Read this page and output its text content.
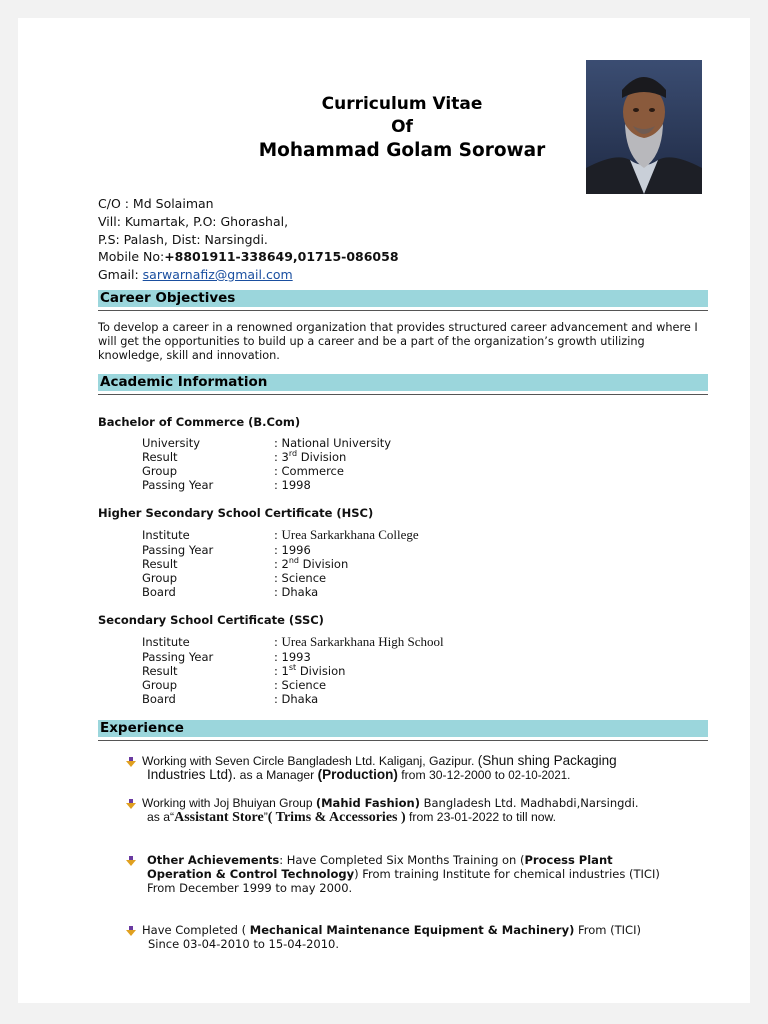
Curriculum Vitae
Of
Mohammad Golam Sorowar
C/O : Md Solaiman
Vill: Kumartak, P.O: Ghorashal,
P.S: Palash, Dist: Narsingdi.
Mobile No:+8801911-338649,01715-086058
Gmail: sarwarnafiz@gmail.com
Career Objectives
To develop a career in a renowned organization that provides structured career advancement and where I will get the opportunities to build up a career and be a part of the organization’s growth utilizing knowledge, skill and innovation.
Academic Information
Bachelor of Commerce (B.Com)
University	: National University
Result	: 3rd Division
Group	: Commerce
Passing Year	: 1998
Higher Secondary School Certificate (HSC)
Institute	: Urea Sarkarkhana College
Passing Year	: 1996
Result	: 2nd Division
Group	: Science
Board	: Dhaka
Secondary School Certificate (SSC)
Institute	: Urea Sarkarkhana High School
Passing Year	: 1993
Result	: 1st Division
Group	: Science
Board	: Dhaka
Experience
Working with Seven Circle Bangladesh Ltd. Kaliganj, Gazipur. (Shun shing Packaging
Industries Ltd). as a Manager (Production) from 30-12-2000 to 02-10-2021.
Working with Joj Bhuiyan Group (Mahid Fashion) Bangladesh Ltd. Madhabdi,Narsingdi.
as a“Assistant Store”( Trims & Accessories ) from 23-01-2022 to till now.
Other Achievements: Have Completed Six Months Training on (Process Plant
Operation & Control Technology) From training Institute for chemical industries (TICI)
From December 1999 to may 2000.
Have Completed ( Mechanical Maintenance Equipment & Machinery) From (TICI)
Since 03-04-2010 to 15-04-2010.
